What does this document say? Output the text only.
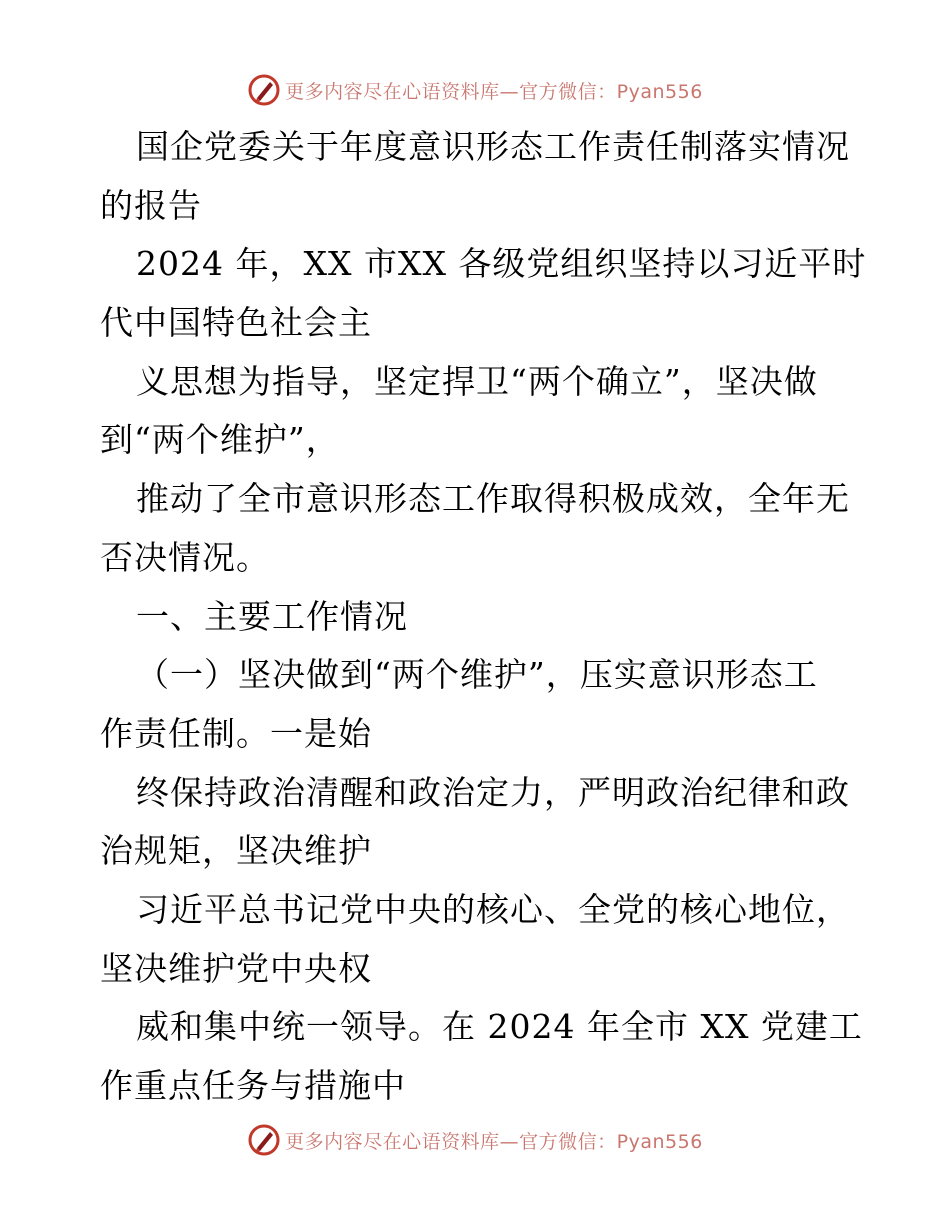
更多内容尽在心语资料库—官方微信：Pyan556
国企党委关于年度意识形态工作责任制落实情况
的报告
2024 年，XX 市XX 各级党组织坚持以习近平时
代中国特色社会主
义思想为指导，坚定捍卫“两个确立”，坚决做
到“两个维护”，
推动了全市意识形态工作取得积极成效，全年无
否决情况。
一、主要工作情况
（一）坚决做到“两个维护”，压实意识形态工
作责任制。一是始
终保持政治清醒和政治定力，严明政治纪律和政
治规矩，坚决维护
习近平总书记党中央的核心、全党的核心地位，
坚决维护党中央权
威和集中统一领导。在 2024 年全市 XX 党建工
作重点任务与措施中
更多内容尽在心语资料库—官方微信：Pyan556
